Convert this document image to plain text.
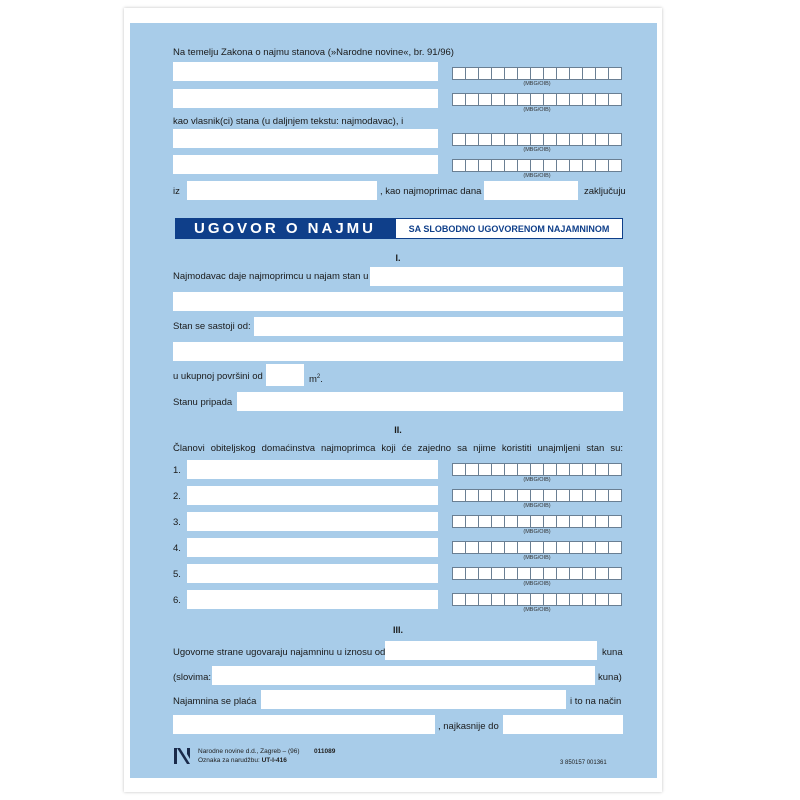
Na temelju Zakona o najmu stanova (»Narodne novine«, br. 91/96)
(MBG/OIB)
(MBG/OIB)
kao vlasnik(ci) stana (u daljnjem tekstu: najmodavac), i
(MBG/OIB)
(MBG/OIB)
iz	, kao najmoprimac dana	zaključuju
UGOVOR O NAJMU	SA SLOBODNO UGOVORENOM NAJAMNINOM
I.
Najmodavac daje najmoprimcu u najam stan u
Stan se sastoji od:
u ukupnoj površini od	$m^2$.
Stanu pripada
II.
Članovi obiteljskog domaćinstva najmoprimca koji će zajedno sa njime koristiti unajmljeni stan su:
1.
(MBG/OIB)
2.
(MBG/OIB)
3.
(MBG/OIB)
4.
(MBG/OIB)
5.
(MBG/OIB)
6.
(MBG/OIB)
III.
Ugovorne strane ugovaraju najamninu u iznosu od	kuna
(slovima:	kuna)
Najamnina se plaća	i to na način
, najkasnije do
Narodne novine d.d., Zagreb – (96)
Oznaka za narudžbu: UT-I-416
011089
3 850157 001361
